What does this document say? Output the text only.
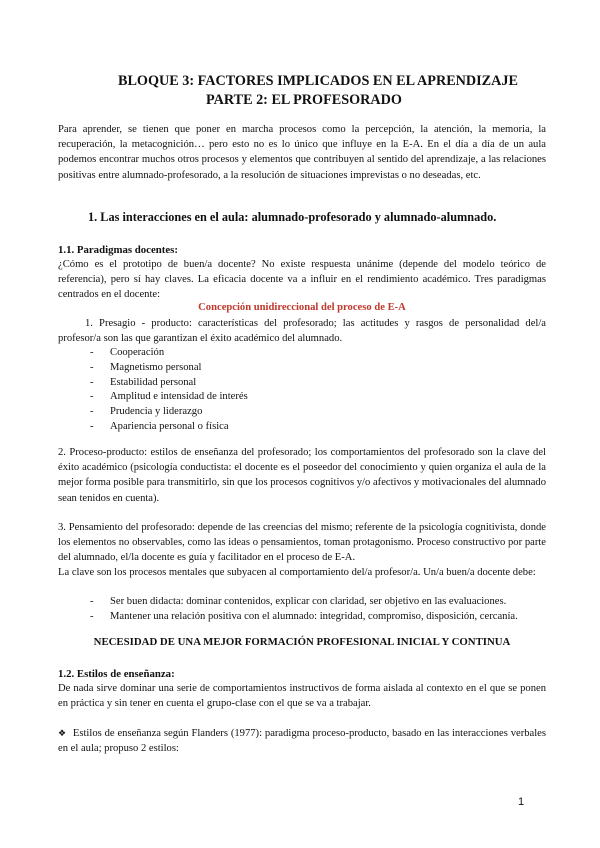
BLOQUE 3: FACTORES IMPLICADOS EN EL APRENDIZAJE
PARTE 2: EL PROFESORADO

Para aprender, se tienen que poner en marcha procesos como la percepción, la atención, la memoria, la recuperación, la metacognición… pero esto no es lo único que influye en la E-A. En el día a día de un aula podemos encontrar muchos otros procesos y elementos que contribuyen al sentido del aprendizaje, a las relaciones positivas entre alumnado-profesorado, a la resolución de situaciones imprevistas o no deseadas, etc.

1. Las interacciones en el aula: alumnado-profesorado y alumnado-alumnado.
1.1. Paradigmas docentes:

¿Cómo es el prototipo de buen/a docente? No existe respuesta unánime (depende del modelo teórico de referencia), pero sí hay claves. La eficacia docente va a influir en el rendimiento académico. Tres paradigmas centrados en el docente:

Concepción unidireccional del proceso de E-A

1. Presagio - producto: características del profesorado; las actitudes y rasgos de personalidad del/a profesor/a son las que garantizan el éxito académico del alumnado.

- Cooperación
- Magnetismo personal
- Estabilidad personal
- Amplitud e intensidad de interés
- Prudencia y liderazgo
- Apariencia personal o física

2. Proceso-producto: estilos de enseñanza del profesorado; los comportamientos del profesorado son la clave del éxito académico (psicología conductista: el docente es el poseedor del conocimiento y quien organiza el aula de la mejor forma posible para transmitirlo, sin que los procesos cognitivos y/o afectivos y motivacionales del alumnado sean tenidos en cuenta).

3. Pensamiento del profesorado: depende de las creencias del mismo; referente de la psicología cognitivista, donde los elementos no observables, como las ideas o pensamientos, toman protagonismo. Proceso constructivo por parte del alumnado, el/la docente es guía y facilitador en el proceso de E-A.

La clave son los procesos mentales que subyacen al comportamiento del/a profesor/a. Un/a buen/a docente debe:

- Ser buen didacta: dominar contenidos, explicar con claridad, ser objetivo en las evaluaciones.
- Mantener una relación positiva con el alumnado: integridad, compromiso, disposición, cercanía.
NECESIDAD DE UNA MEJOR FORMACIÓN PROFESIONAL INICIAL Y CONTINUA
1.2. Estilos de enseñanza:

De nada sirve dominar una serie de comportamientos instructivos de forma aislada al contexto en el que se ponen en práctica y sin tener en cuenta el grupo-clase con el que se va a trabajar.

❖ Estilos de enseñanza según Flanders (1977): paradigma proceso-producto, basado en las interacciones verbales en el aula; propuso 2 estilos:

1
